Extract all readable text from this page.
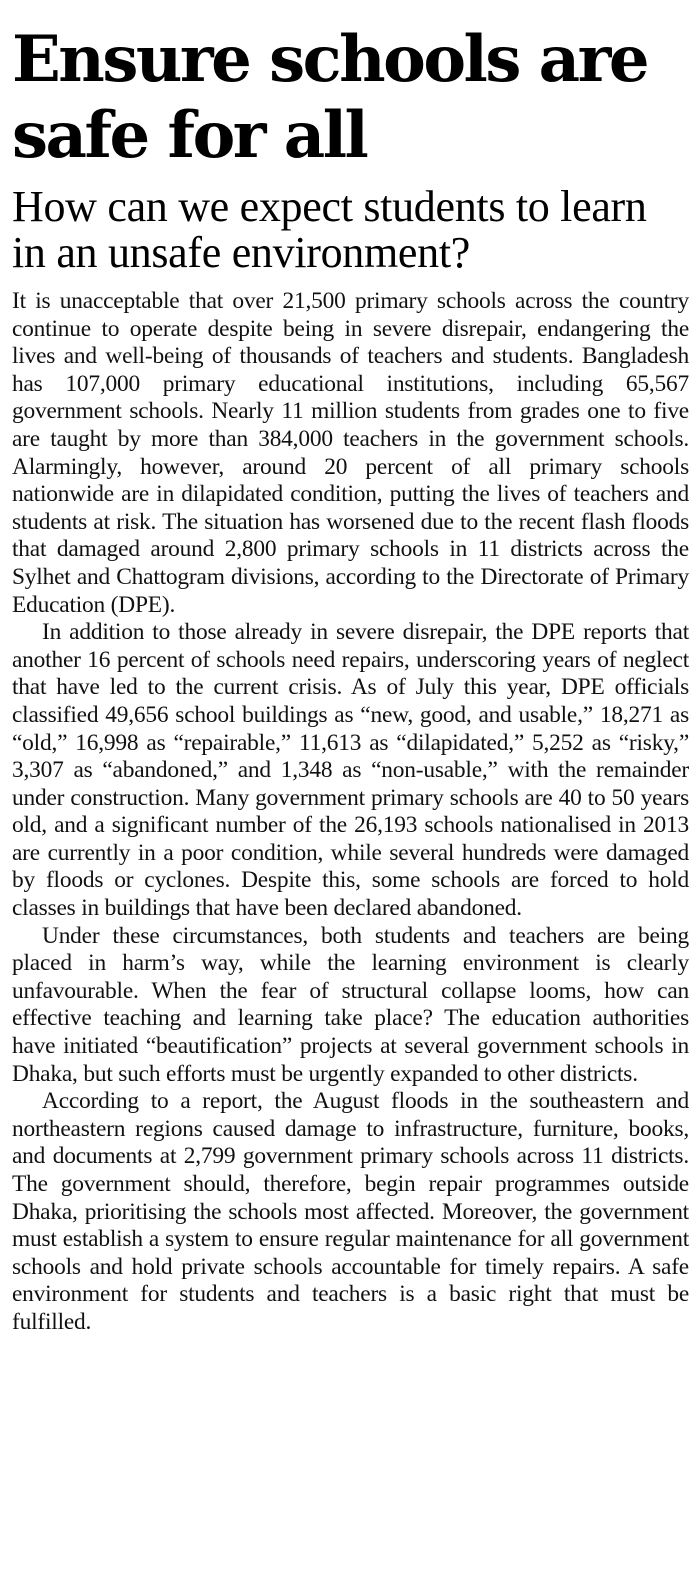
Ensure schools are safe for all
How can we expect students to learn in an unsafe environment?

It is unacceptable that over 21,500 primary schools across the country continue to operate despite being in severe disrepair, endangering the lives and well-being of thousands of teachers and students. Bangladesh has 107,000 primary educational institutions, including 65,567 government schools. Nearly 11 million students from grades one to five are taught by more than 384,000 teachers in the government schools. Alarmingly, however, around 20 percent of all primary schools nationwide are in dilapidated condition, putting the lives of teachers and students at risk. The situation has worsened due to the recent flash floods that damaged around 2,800 primary schools in 11 districts across the Sylhet and Chattogram divisions, according to the Directorate of Primary Education (DPE).

In addition to those already in severe disrepair, the DPE reports that another 16 percent of schools need repairs, underscoring years of neglect that have led to the current crisis. As of July this year, DPE officials classified 49,656 school buildings as “new, good, and usable,” 18,271 as “old,” 16,998 as “repairable,” 11,613 as “dilapidated,” 5,252 as “risky,” 3,307 as “abandoned,” and 1,348 as “non-usable,” with the remainder under construction. Many government primary schools are 40 to 50 years old, and a significant number of the 26,193 schools nationalised in 2013 are currently in a poor condition, while several hundreds were damaged by floods or cyclones. Despite this, some schools are forced to hold classes in buildings that have been declared abandoned.

Under these circumstances, both students and teachers are being placed in harm’s way, while the learning environment is clearly unfavourable. When the fear of structural collapse looms, how can effective teaching and learning take place? The education authorities have initiated “beautification” projects at several government schools in Dhaka, but such efforts must be urgently expanded to other districts.

According to a report, the August floods in the southeastern and northeastern regions caused damage to infrastructure, furniture, books, and documents at 2,799 government primary schools across 11 districts. The government should, therefore, begin repair programmes outside Dhaka, prioritising the schools most affected. Moreover, the government must establish a system to ensure regular maintenance for all government schools and hold private schools accountable for timely repairs. A safe environment for students and teachers is a basic right that must be fulfilled.
